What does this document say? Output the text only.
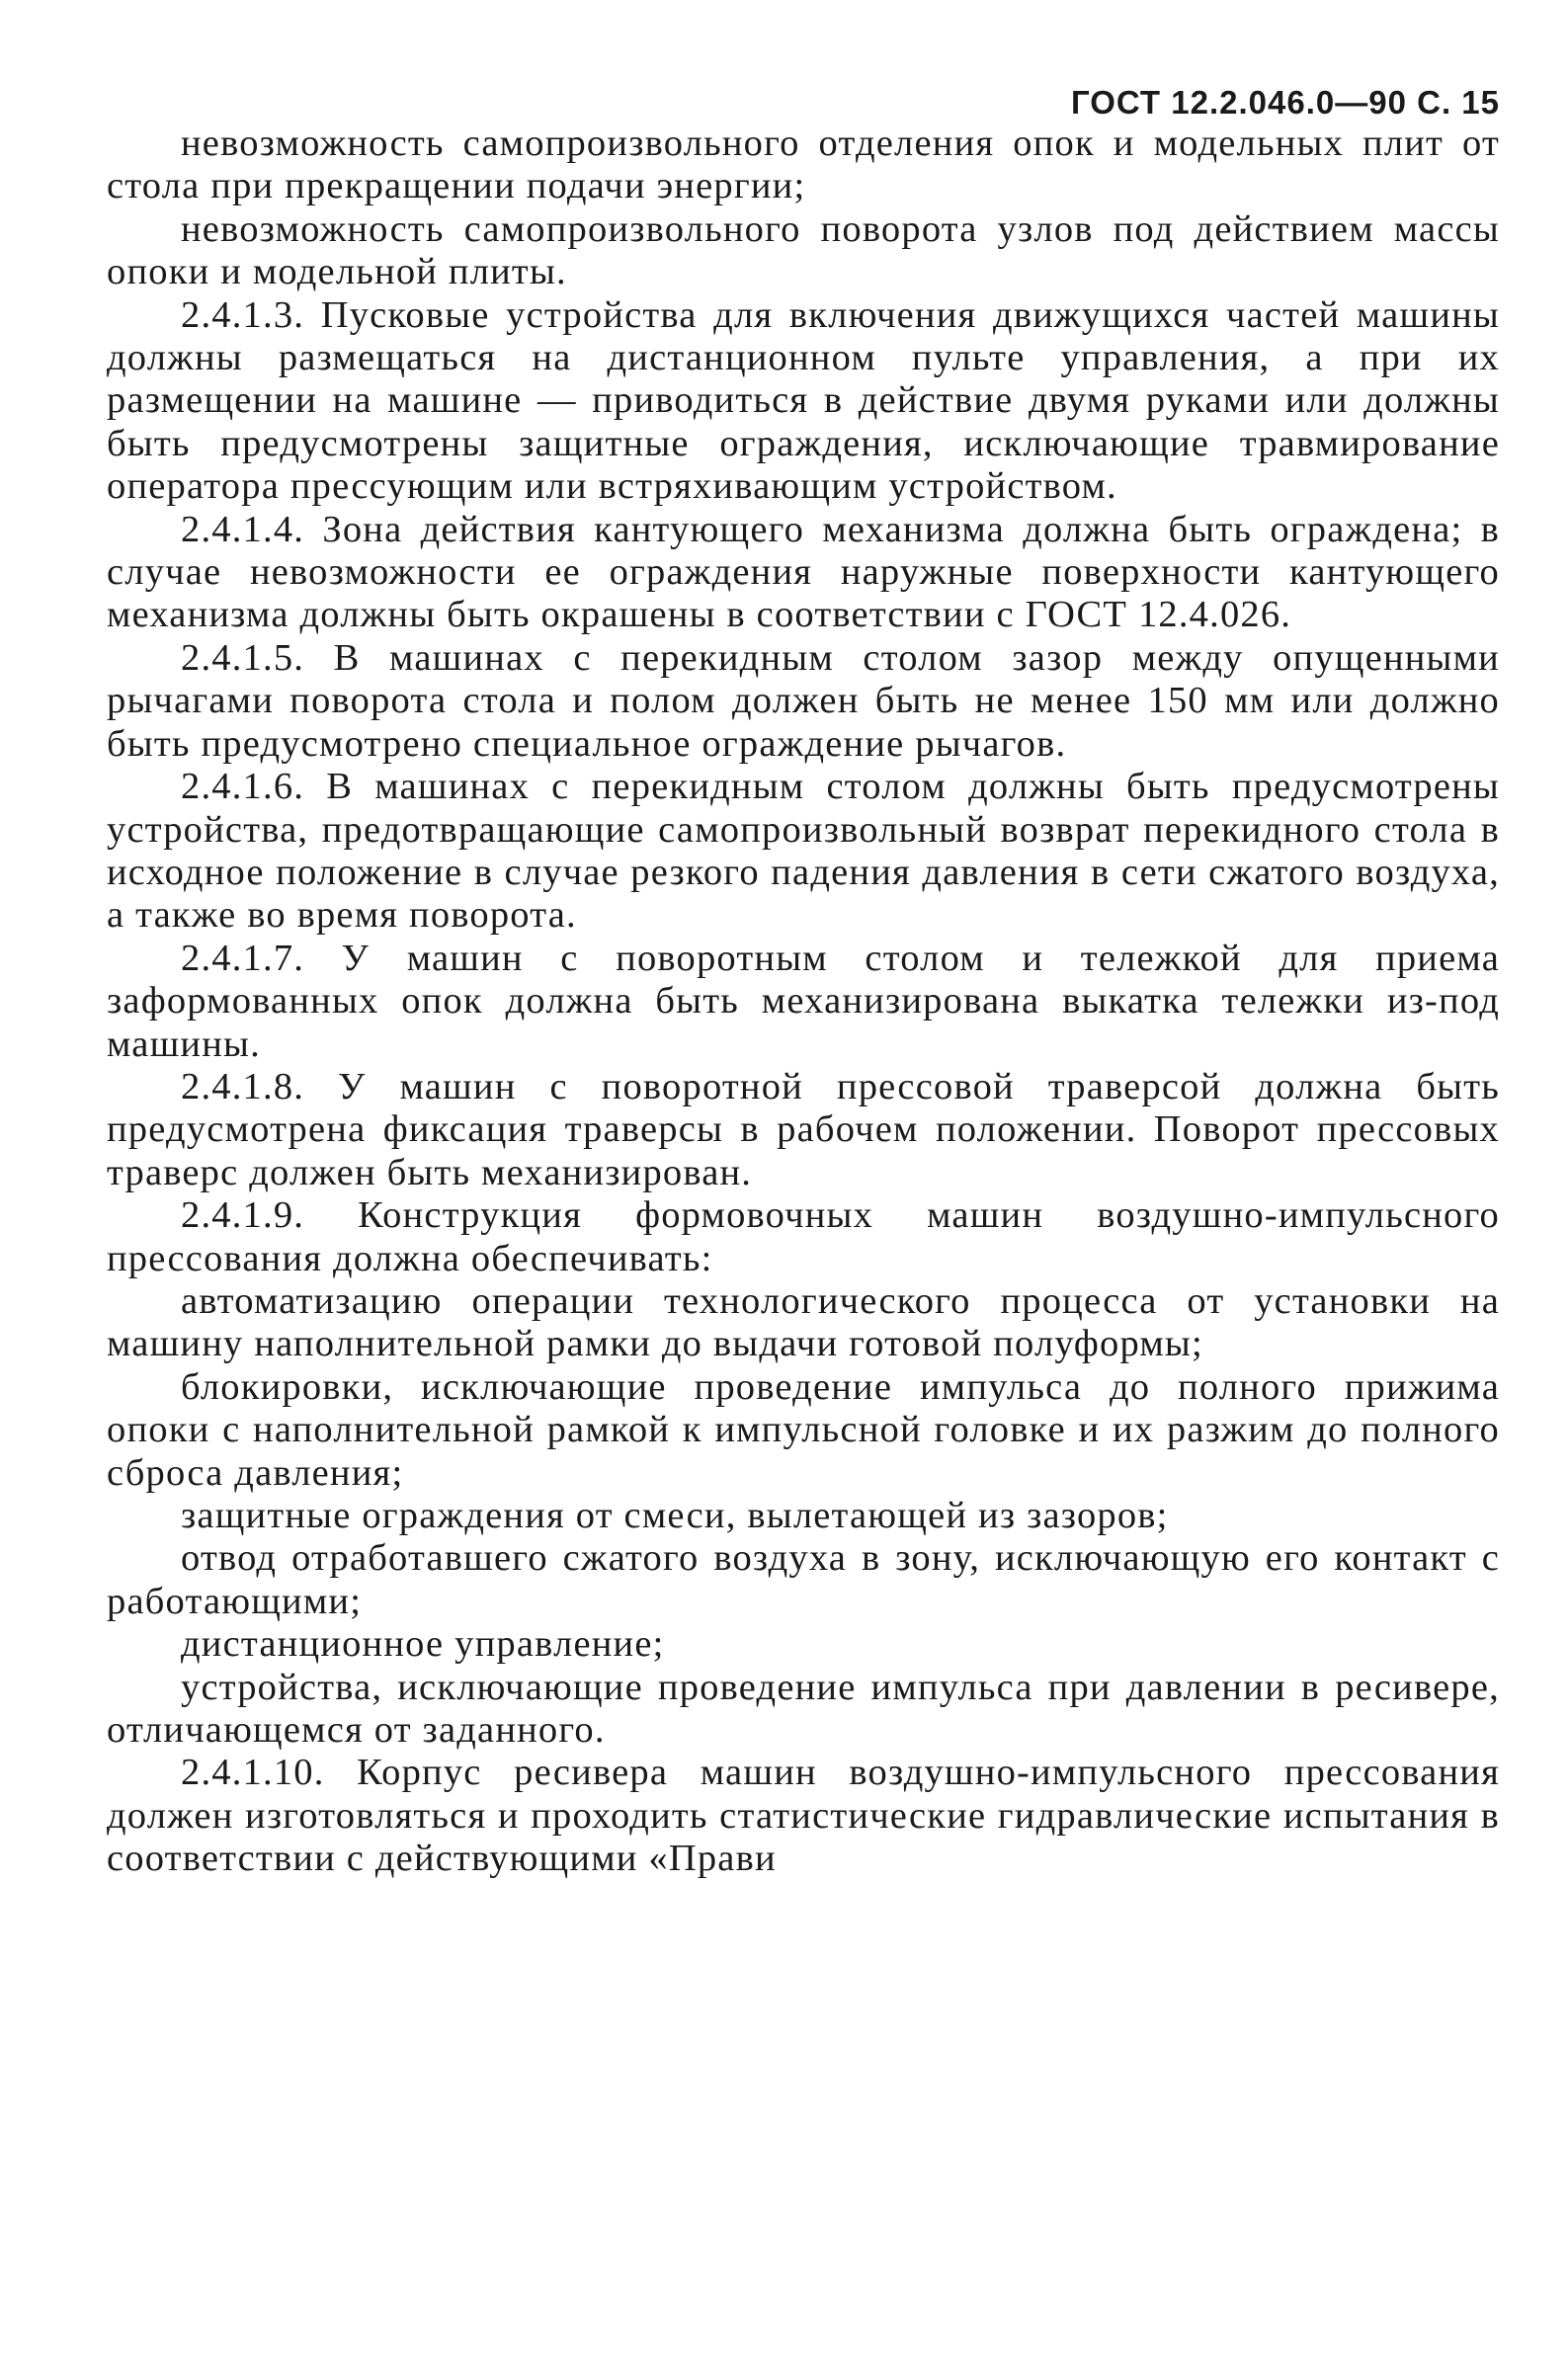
ГОСТ 12.2.046.0—90 С. 15

невозможность самопроизвольного отделения опок и модельных плит от стола при прекращении подачи энергии;

невозможность самопроизвольного поворота узлов под действием массы опоки и модельной плиты.

2.4.1.3. Пусковые устройства для включения движущихся частей машины должны размещаться на дистанционном пульте управления, а при их размещении на машине — приводиться в действие двумя руками или должны быть предусмотрены защитные ограждения, исключающие травмирование оператора прессующим или встряхивающим устройством.

2.4.1.4. Зона действия кантующего механизма должна быть ограждена; в случае невозможности ее ограждения наружные поверхности кантующего механизма должны быть окрашены в соответствии с ГОСТ 12.4.026.

2.4.1.5. В машинах с перекидным столом зазор между опущенными рычагами поворота стола и полом должен быть не менее 150 мм или должно быть предусмотрено специальное ограждение рычагов.

2.4.1.6. В машинах с перекидным столом должны быть предусмотрены устройства, предотвращающие самопроизвольный возврат перекидного стола в исходное положение в случае резкого падения давления в сети сжатого воздуха, а также во время поворота.

2.4.1.7. У машин с поворотным столом и тележкой для приема заформованных опок должна быть механизирована выкатка тележки из-под машины.

2.4.1.8. У машин с поворотной прессовой траверсой должна быть предусмотрена фиксация траверсы в рабочем положении. Поворот прессовых траверс должен быть механизирован.

2.4.1.9. Конструкция формовочных машин воздушно-импульсного прессования должна обеспечивать:

автоматизацию операции технологического процесса от установки на машину наполнительной рамки до выдачи готовой полуформы;

блокировки, исключающие проведение импульса до полного прижима опоки с наполнительной рамкой к импульсной головке и их разжим до полного сброса давления;

защитные ограждения от смеси, вылетающей из зазоров;

отвод отработавшего сжатого воздуха в зону, исключающую его контакт с работающими;

дистанционное управление;

устройства, исключающие проведение импульса при давлении в ресивере, отличающемся от заданного.

2.4.1.10. Корпус ресивера машин воздушно-импульсного прессования должен изготовляться и проходить статистические гидравлические испытания в соответствии с действующими «Прави
